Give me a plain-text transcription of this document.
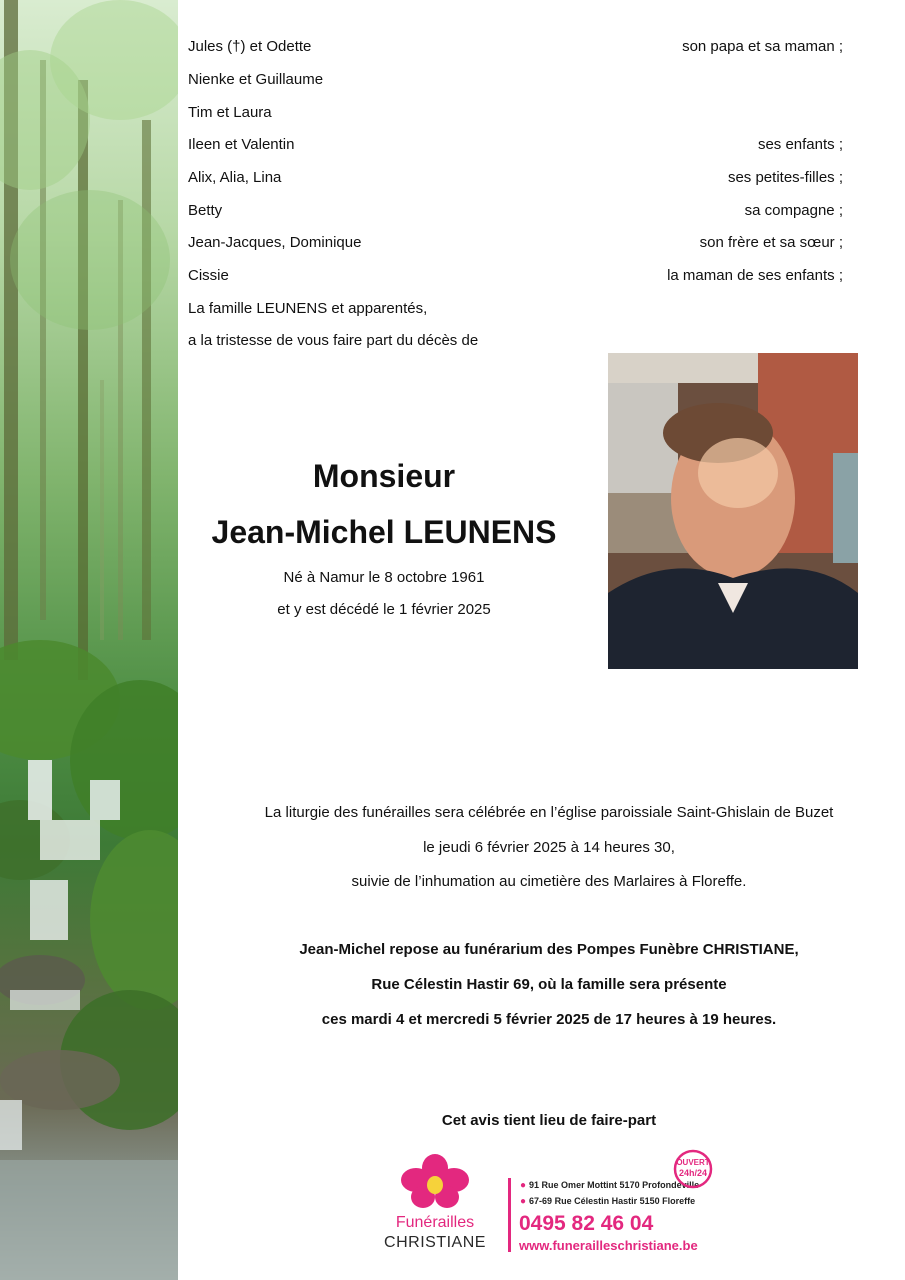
Jules (†) et Odette	son papa et sa maman ;
Nienke et Guillaume
Tim et Laura
Ileen et Valentin	ses enfants ;
Alix, Alia, Lina	ses petites-filles ;
Betty	sa compagne ;
Jean-Jacques, Dominique	son frère et sa sœur ;
Cissie	la maman de ses enfants ;
La famille LEUNENS et apparentés,
a la tristesse de vous faire part du décès de
Monsieur
Jean-Michel LEUNENS
Né à Namur le 8 octobre 1961
et y est décédé le 1 février 2025
La liturgie des funérailles sera célébrée en l’église paroissiale Saint-Ghislain de Buzet
le jeudi 6 février 2025 à 14 heures 30,
suivie de l’inhumation au cimetière des Marlaires à Floreffe.
Jean-Michel repose au funérarium des Pompes Funèbre CHRISTIANE,
Rue Célestin Hastir 69, où la famille sera présente
ces mardi 4 et mercredi 5 février 2025 de 17 heures à 19 heures.
Cet avis tient lieu de faire-part
Funérailles
CHRISTIANE
● 91 Rue Omer Mottint 5170 Profondeville
● 67-69 Rue Célestin Hastir 5150 Floreffe
0495 82 46 04
www.funerailleschristiane.be
OUVERT
24h/24
